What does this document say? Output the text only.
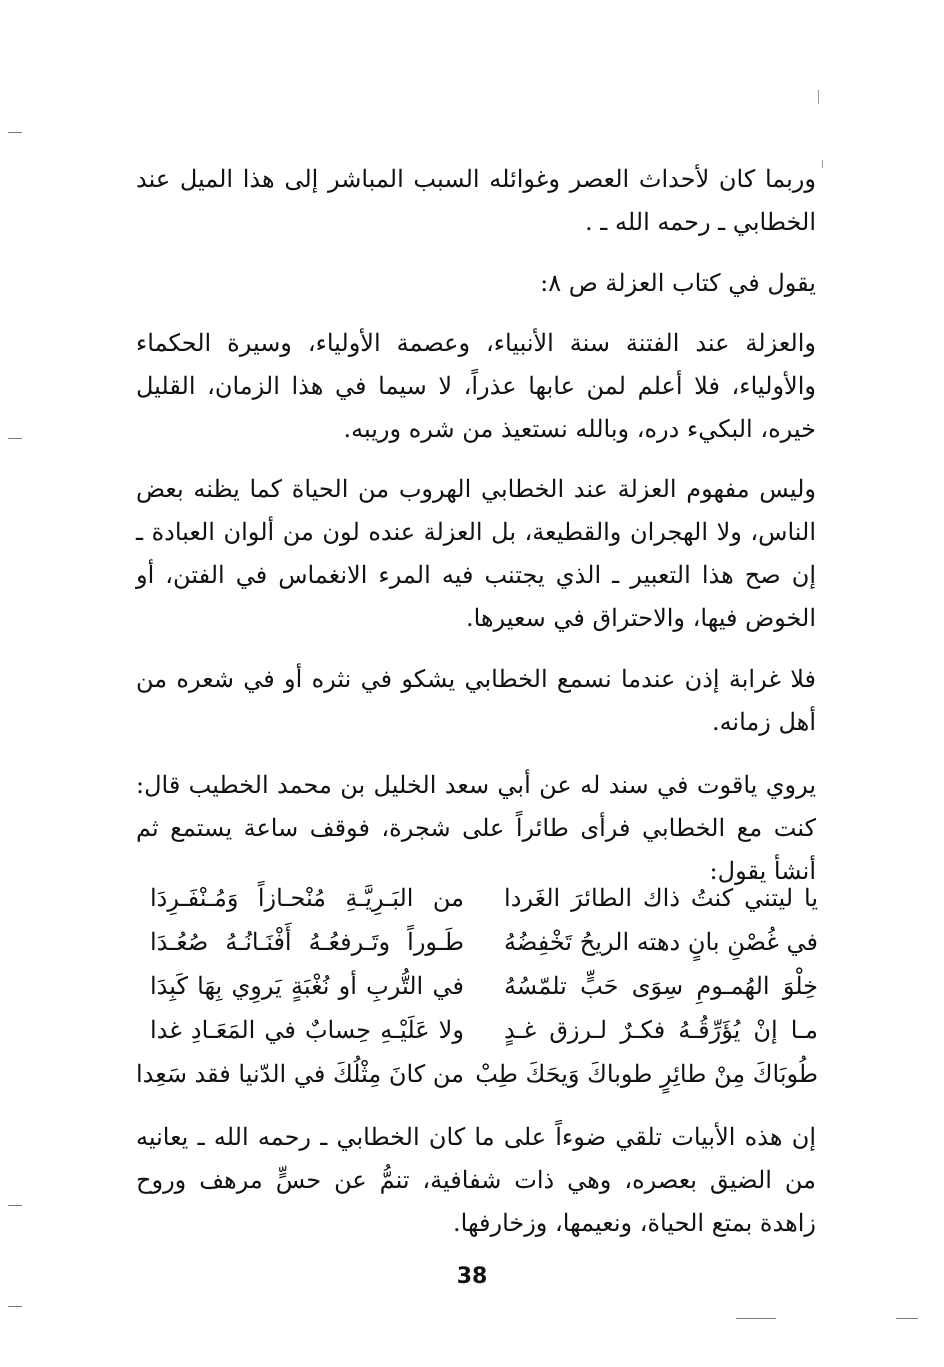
وربما كان لأحداث العصر وغوائله السبب المباشر إلى هذا الميل عند الخطابي ـ رحمه الله ـ .

يقول في كتاب العزلة ص ٨:

والعزلة عند الفتنة سنة الأنبياء، وعصمة الأولياء، وسيرة الحكماء والأولياء، فلا أعلم لمن عابها عذراً، لا سيما في هذا الزمان، القليل خيره، البكيء دره، وبالله نستعيذ من شره وريبه.

وليس مفهوم العزلة عند الخطابي الهروب من الحياة كما يظنه بعض الناس، ولا الهجران والقطيعة، بل العزلة عنده لون من ألوان العبادة ـ إن صح هذا التعبير ـ الذي يجتنب فيه المرء الانغماس في الفتن، أو الخوض فيها، والاحتراق في سعيرها.

فلا غرابة إذن عندما نسمع الخطابي يشكو في نثره أو في شعره من أهل زمانه.

يروي ياقوت في سند له عن أبي سعد الخليل بن محمد الخطيب قال: كنت مع الخطابي فرأى طائراً على شجرة، فوقف ساعة يستمع ثم أنشأ يقول:

يا ليتني كنتُ ذاك الطائرَ الغَردا
من البَـرِيَّـةِ مُنْحـازاً وَمُـنْفَـرِدَا
في غُصْنِ بانٍ دهته الريحُ تَخْفِضُهُ
طَـوراً وتَـرفعُـهُ أَفْنَـانُـهُ صُعُـدَا
خِلْوَ الهُمـومِ سِوَى حَبٍّ تلمّسُهُ
في التُّربِ أو نُغْبَةٍ يَروِي بِهَا كَبِدَا
مـا إنْ يُؤَرِّقُـهُ فكـرٌ لـرزق غـدٍ
ولا عَلَيْـهِ حِسابٌ في المَعَـادِ غدا
طُوبَاكَ مِنْ طائِرٍ طوباكَ وَيحَكَ طِبْ
من كانَ مِثْلُكَ في الدّنيا فقد سَعِدا

إن هذه الأبيات تلقي ضوءاً على ما كان الخطابي ـ رحمه الله ـ يعانيه من الضيق بعصره، وهي ذات شفافية، تنمُّ عن حسٍّ مرهف وروح زاهدة بمتع الحياة، ونعيمها، وزخارفها.

38
